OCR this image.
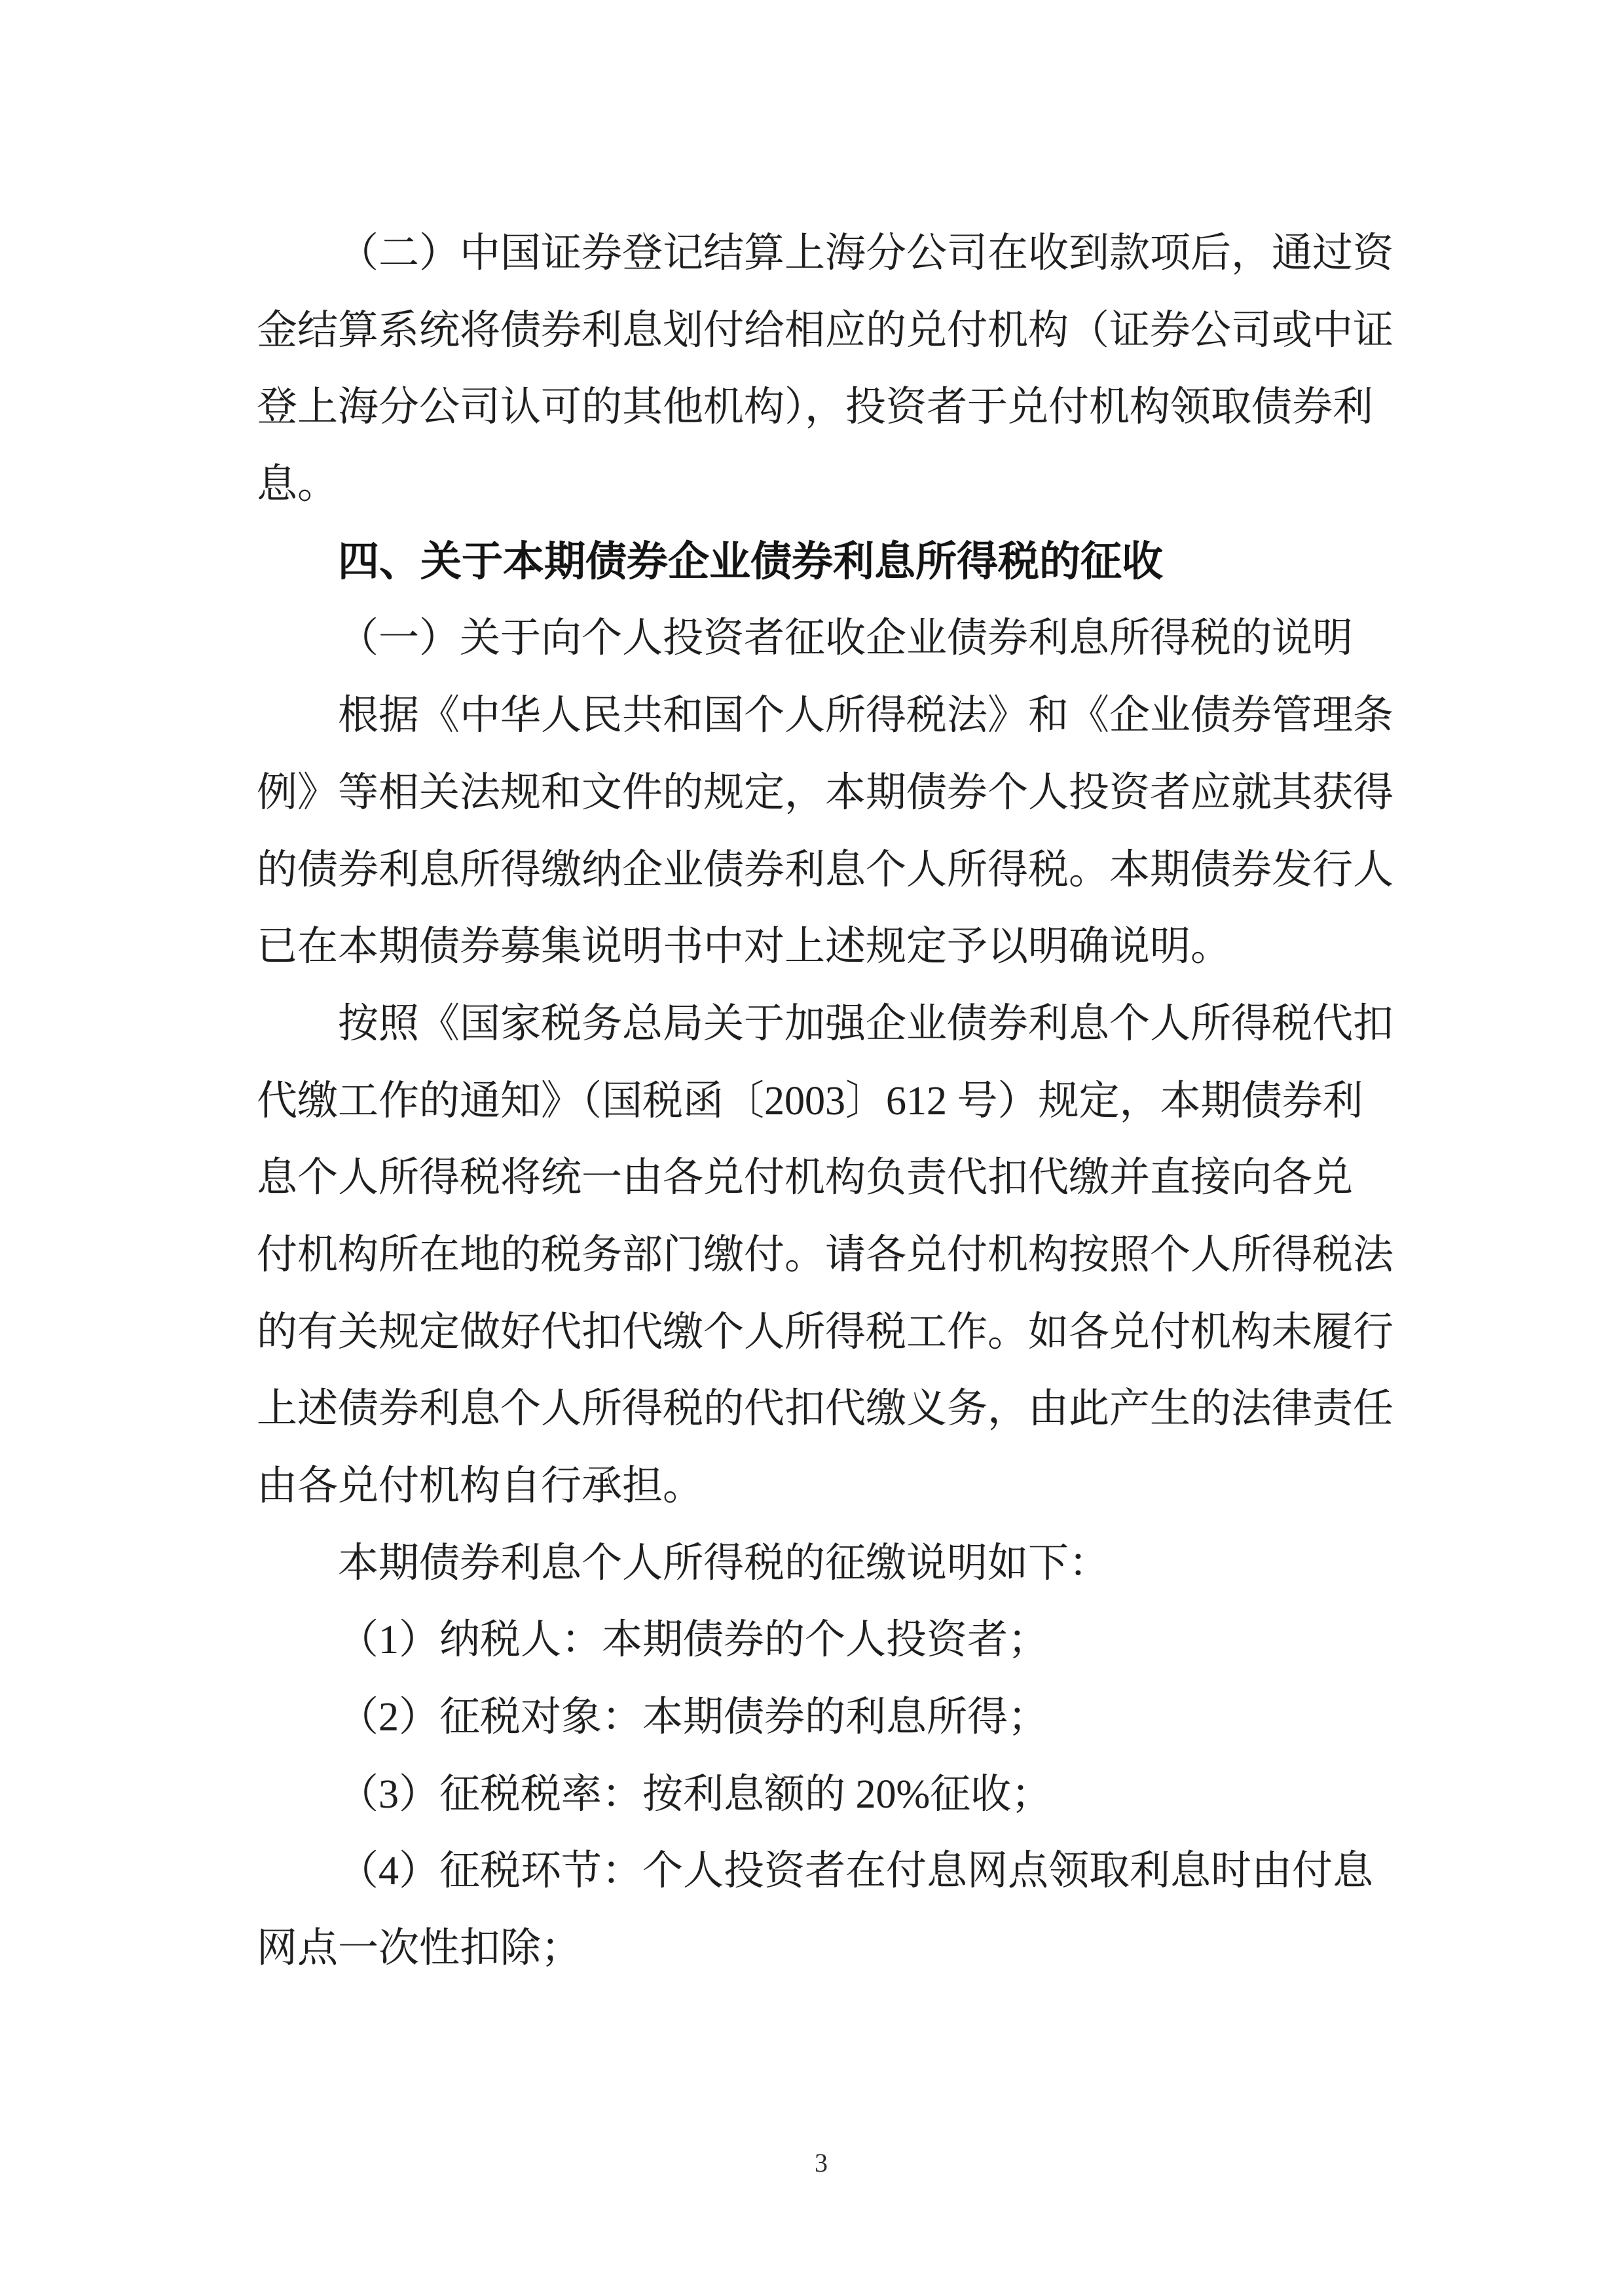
（二）中国证券登记结算上海分公司在收到款项后，通过资
金结算系统将债券利息划付给相应的兑付机构（证券公司或中证
登上海分公司认可的其他机构），投资者于兑付机构领取债券利
息。
四、关于本期债券企业债券利息所得税的征收
（一）关于向个人投资者征收企业债券利息所得税的说明
根据《中华人民共和国个人所得税法》和《企业债券管理条
例》等相关法规和文件的规定，本期债券个人投资者应就其获得
的债券利息所得缴纳企业债券利息个人所得税。本期债券发行人
已在本期债券募集说明书中对上述规定予以明确说明。
按照《国家税务总局关于加强企业债券利息个人所得税代扣
代缴工作的通知》（国税函〔2003〕612 号）规定，本期债券利
息个人所得税将统一由各兑付机构负责代扣代缴并直接向各兑
付机构所在地的税务部门缴付。请各兑付机构按照个人所得税法
的有关规定做好代扣代缴个人所得税工作。如各兑付机构未履行
上述债券利息个人所得税的代扣代缴义务，由此产生的法律责任
由各兑付机构自行承担。
本期债券利息个人所得税的征缴说明如下：
（1）纳税人：本期债券的个人投资者；
（2）征税对象：本期债券的利息所得；
（3）征税税率：按利息额的 20%征收；
（4）征税环节：个人投资者在付息网点领取利息时由付息
网点一次性扣除；
3
